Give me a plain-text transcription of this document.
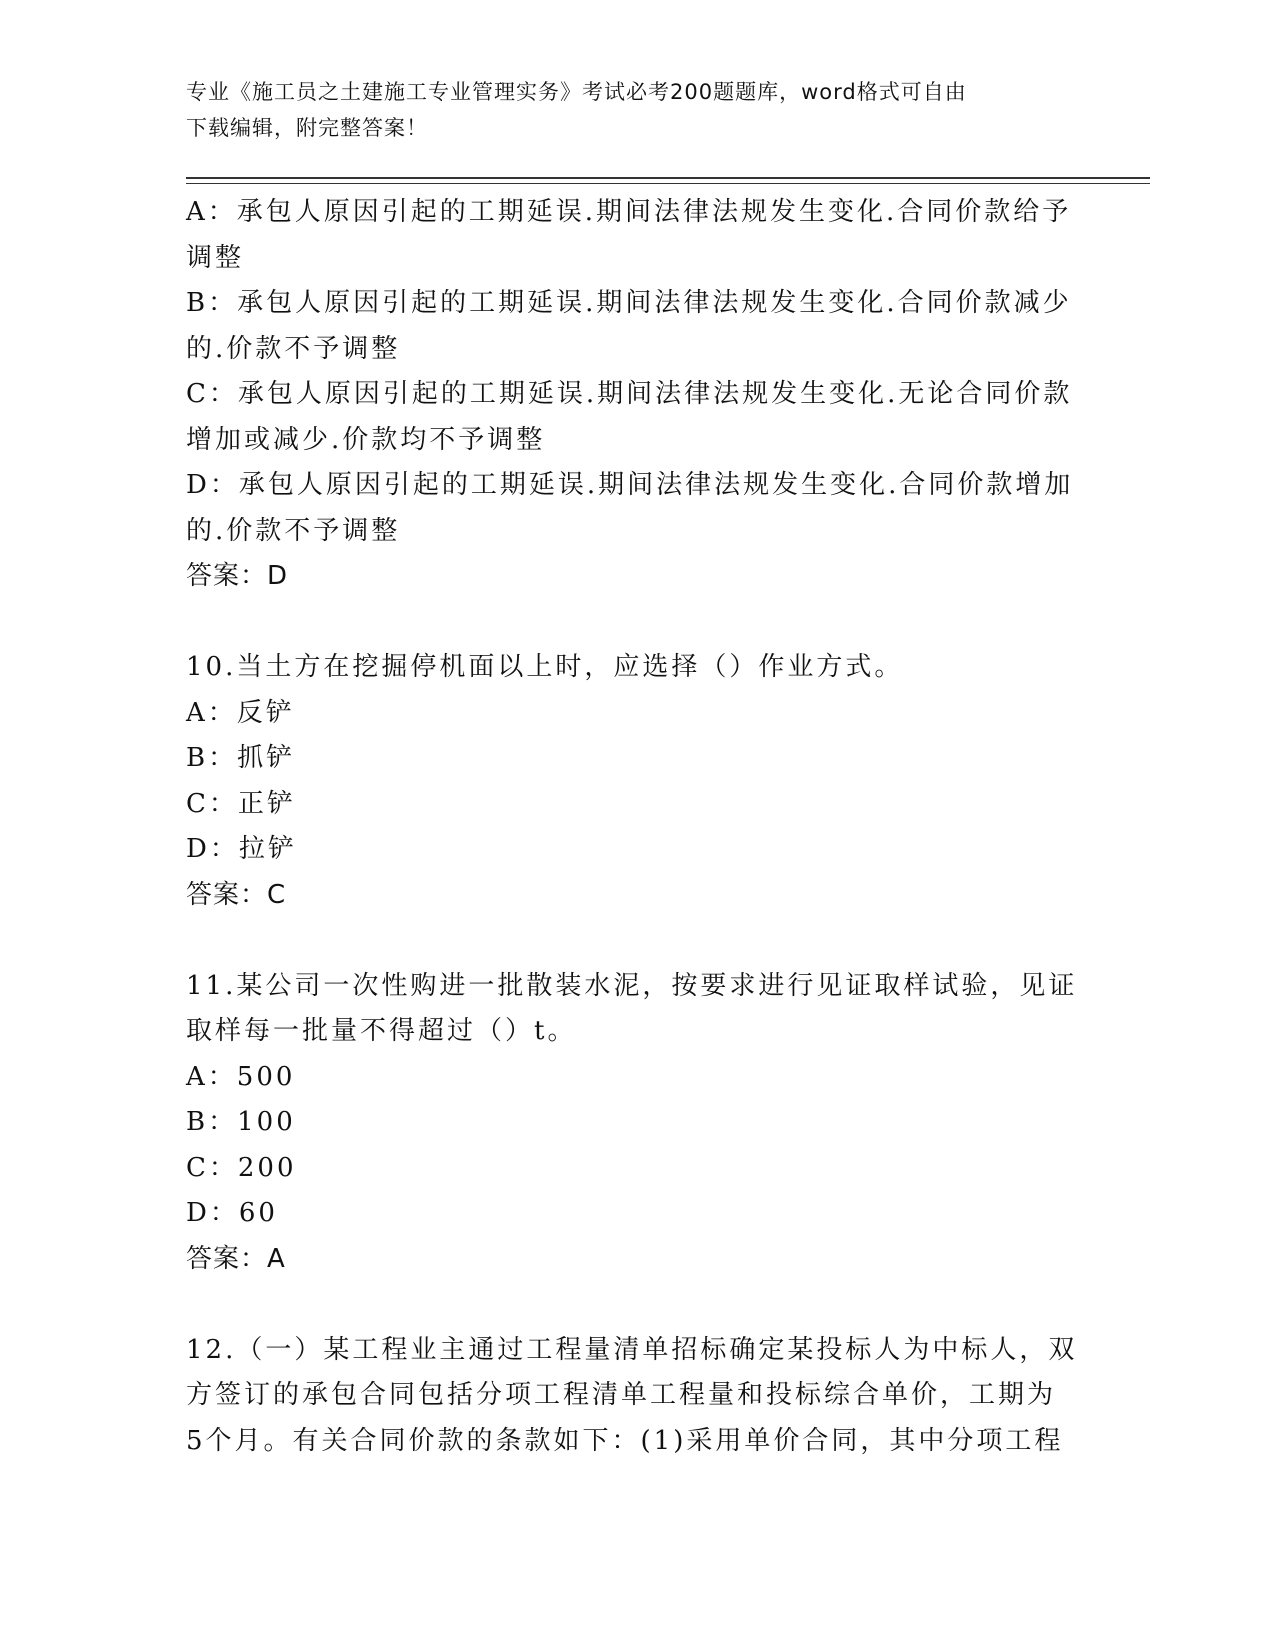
专业《施工员之土建施工专业管理实务》考试必考200题题库，word格式可自由
下载编辑，附完整答案！
A：承包人原因引起的工期延误.期间法律法规发生变化.合同价款给予
调整
B：承包人原因引起的工期延误.期间法律法规发生变化.合同价款减少
的.价款不予调整
C：承包人原因引起的工期延误.期间法律法规发生变化.无论合同价款
增加或减少.价款均不予调整
D：承包人原因引起的工期延误.期间法律法规发生变化.合同价款增加
的.价款不予调整
答案：D
10.当土方在挖掘停机面以上时，应选择（）作业方式。
A：反铲
B：抓铲
C：正铲
D：拉铲
答案：C
11.某公司一次性购进一批散装水泥，按要求进行见证取样试验，见证
取样每一批量不得超过（）t。
A：500
B：100
C：200
D：60
答案：A
12.（一）某工程业主通过工程量清单招标确定某投标人为中标人，双
方签订的承包合同包括分项工程清单工程量和投标综合单价，工期为
5个月。有关合同价款的条款如下：(1)采用单价合同，其中分项工程
